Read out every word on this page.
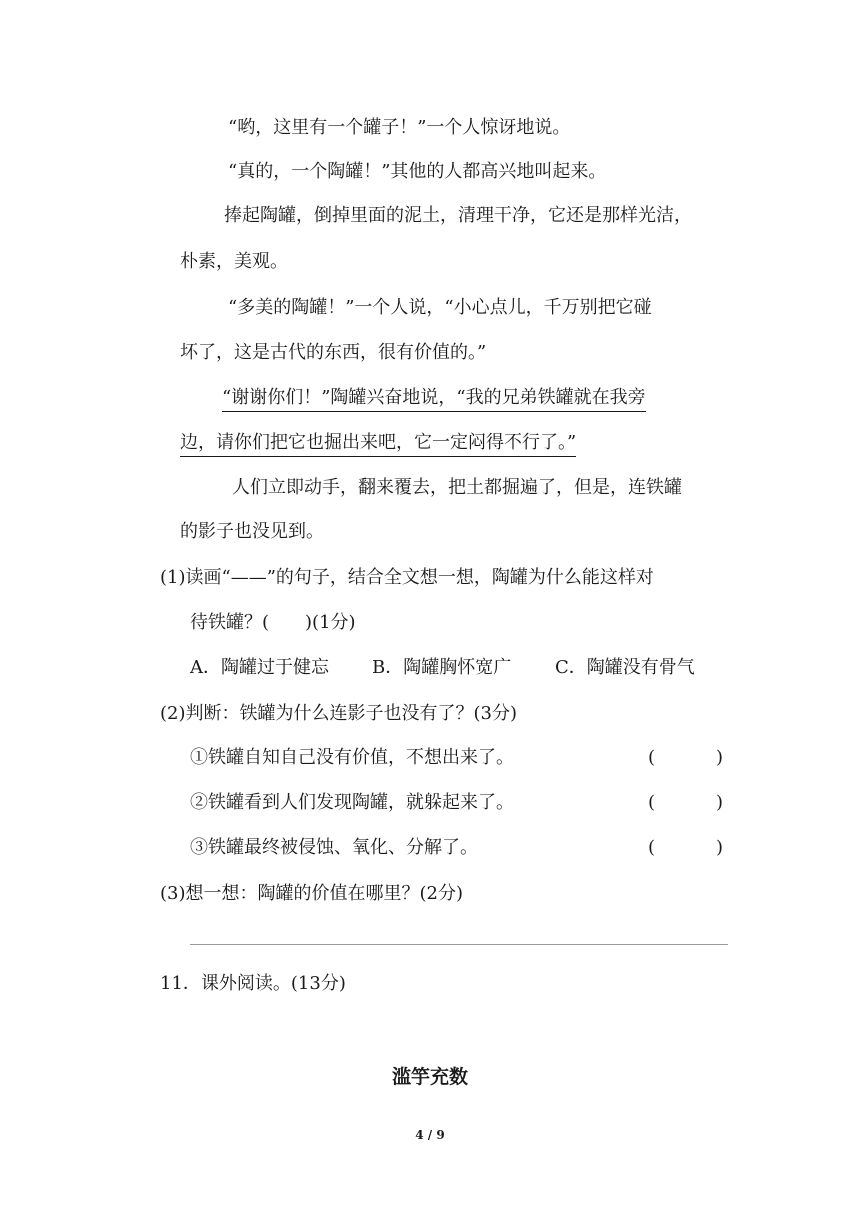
“哟，这里有一个罐子！”一个人惊讶地说。
“真的，一个陶罐！”其他的人都高兴地叫起来。
捧起陶罐，倒掉里面的泥土，清理干净，它还是那样光洁，
朴素，美观。
“多美的陶罐！”一个人说，“小心点儿，千万别把它碰
坏了，这是古代的东西，很有价值的。”
“谢谢你们！”陶罐兴奋地说，“我的兄弟铁罐就在我旁
边，请你们把它也掘出来吧，它一定闷得不行了。”
人们立即动手，翻来覆去，把土都掘遍了，但是，连铁罐
的影子也没见到。
(1)读画“——”的句子，结合全文想一想，陶罐为什么能这样对
待铁罐？(　　)(1分)
A．陶罐过于健忘 B．陶罐胸怀宽广 C．陶罐没有骨气
(2)判断：铁罐为什么连影子也没有了？(3分)
①铁罐自知自己没有价值，不想出来了。	(	)
②铁罐看到人们发现陶罐，就躲起来了。	(	)
③铁罐最终被侵蚀、氧化、分解了。	(	)
(3)想一想：陶罐的价值在哪里？(2分)
11．课外阅读。(13分)
滥竽充数
4 / 9
